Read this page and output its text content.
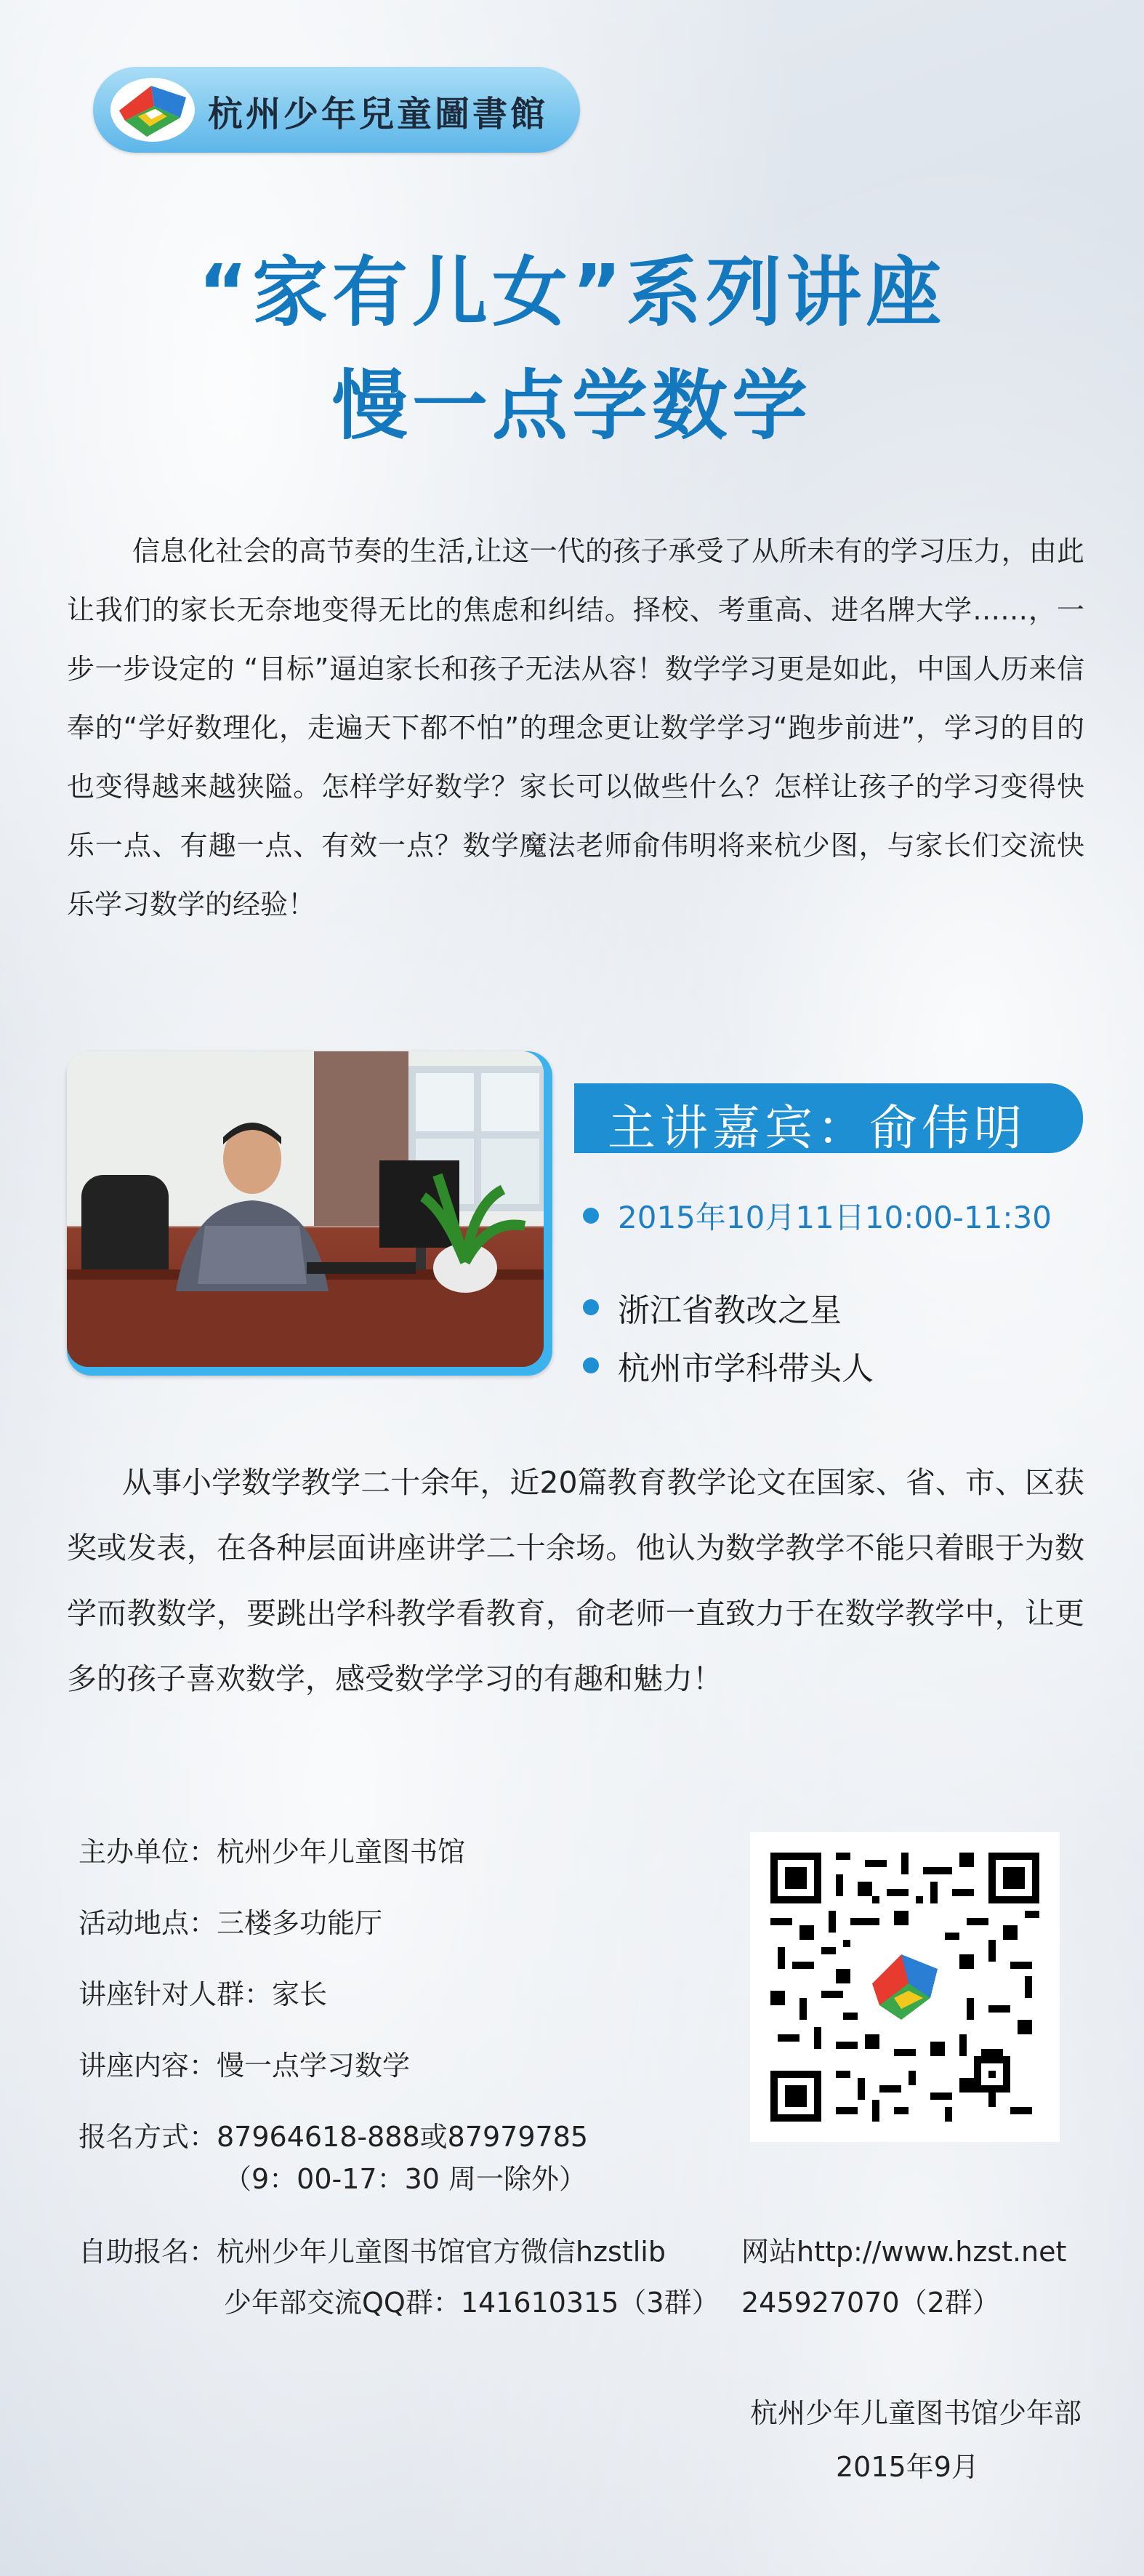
杭州少年兒童圖書館
“家有儿女”系列讲座
慢一点学数学
信息化社会的高节奏的生活,让这一代的孩子承受了从所未有的学习压力，由此让我们的家长无奈地变得无比的焦虑和纠结。择校、考重高、进名牌大学……，一步一步设定的 “目标”逼迫家长和孩子无法从容！数学学习更是如此，中国人历来信奉的“学好数理化，走遍天下都不怕”的理念更让数学学习“跑步前进”，学习的目的也变得越来越狭隘。怎样学好数学？家长可以做些什么？怎样让孩子的学习变得快乐一点、有趣一点、有效一点？数学魔法老师俞伟明将来杭少图，与家长们交流快乐学习数学的经验！
主讲嘉宾：俞伟明
2015年10月11日10:00-11:30
浙江省教改之星
杭州市学科带头人
从事小学数学教学二十余年，近20篇教育教学论文在国家、省、市、区获奖或发表，在各种层面讲座讲学二十余场。他认为数学教学不能只着眼于为数学而教数学，要跳出学科教学看教育，俞老师一直致力于在数学教学中，让更多的孩子喜欢数学，感受数学学习的有趣和魅力！
主办单位：杭州少年儿童图书馆
活动地点：三楼多功能厅
讲座针对人群：家长
讲座内容：慢一点学习数学
报名方式：87964618-888或87979785
（9：00-17：30 周一除外）
自助报名：杭州少年儿童图书馆官方微信hzstlib	网站http://www.hzst.net
少年部交流QQ群：141610315（3群） 245927070（2群）
杭州少年儿童图书馆少年部
2015年9月
